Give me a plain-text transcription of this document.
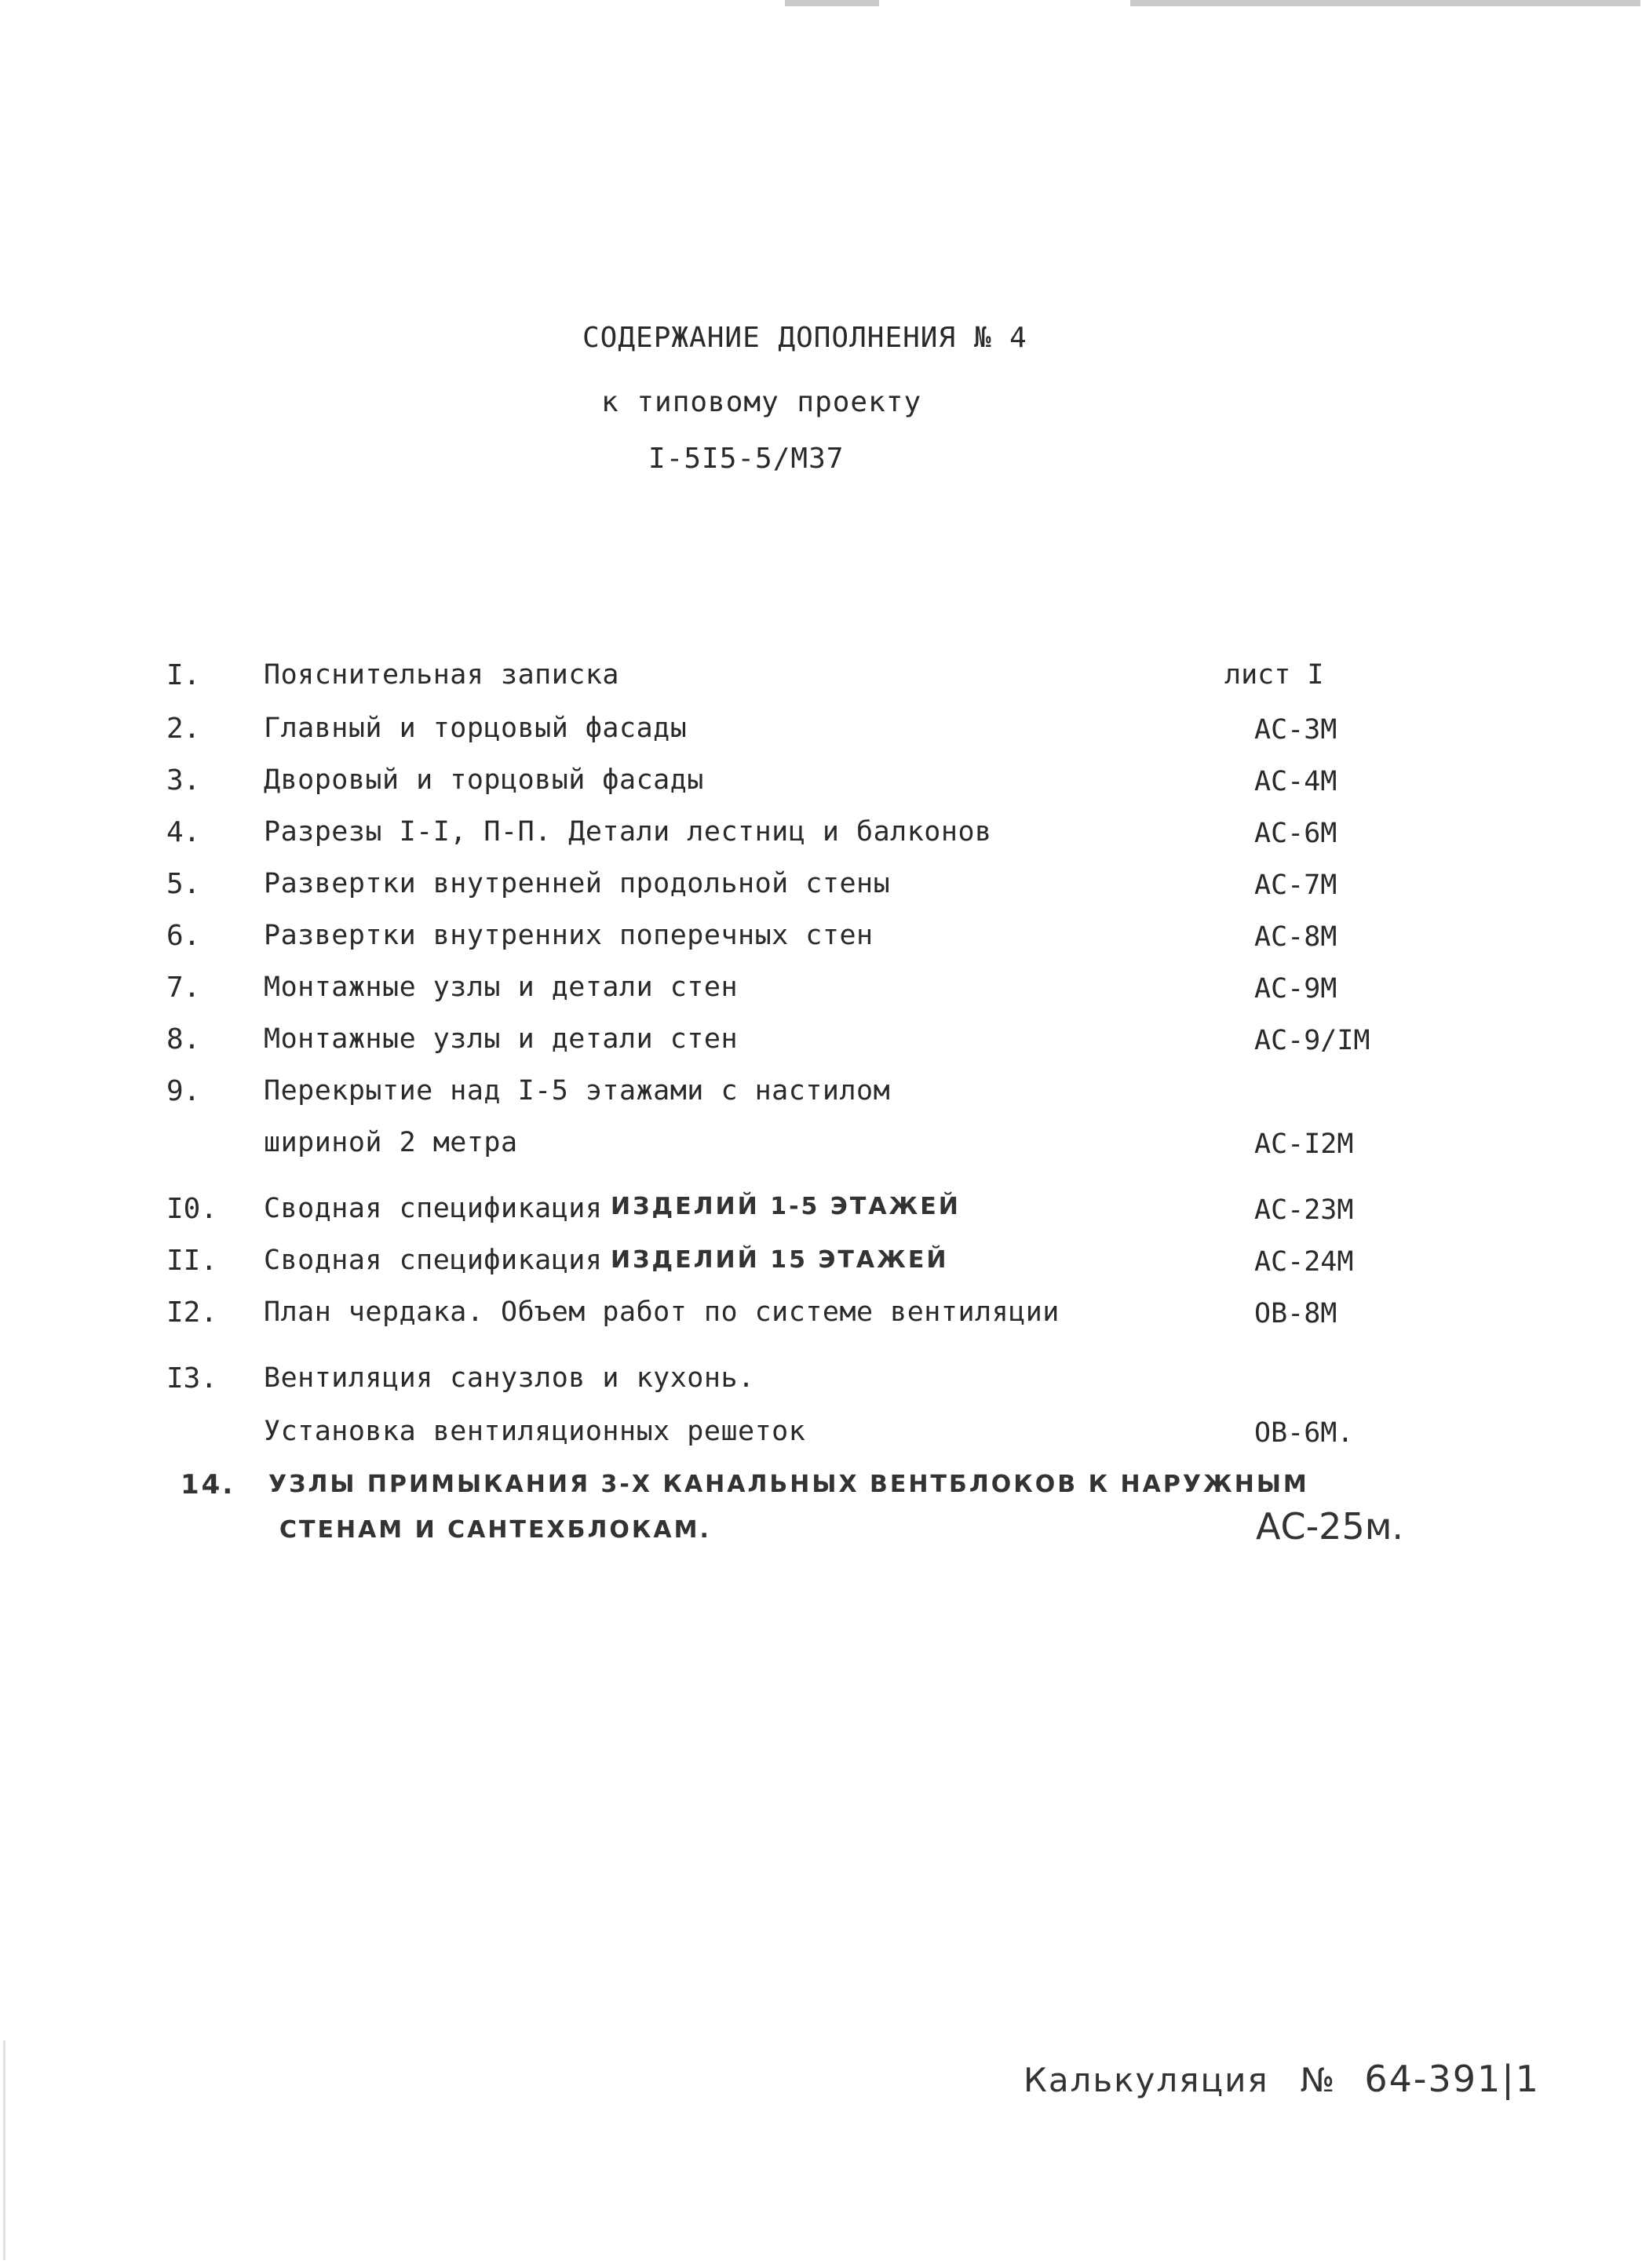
СОДЕРЖАНИЕ ДОПОЛНЕНИЯ № 4
к типовому проекту
I-5I5-5/М37
I. Пояснительная записка	лист I
2. Главный и торцовый фасады	АС-3М
3. Дворовый и торцовый фасады	АС-4М
4. Разрезы I-I, П-П. Детали лестниц и балконов	АС-6М
5. Развертки внутренней продольной стены	АС-7М
6. Развертки внутренних поперечных стен	АС-8М
7. Монтажные узлы и детали стен	АС-9М
8. Монтажные узлы и детали стен	АС-9/IМ
9. Перекрытие над I-5 этажами с настилом
шириной 2 метра	АС-I2М
I0. Сводная спецификация ИЗДЕЛИЙ 1-5 ЭТАЖЕЙ	АС-23М
II. Сводная спецификация ИЗДЕЛИЙ 15 ЭТАЖЕЙ	АС-24М
I2. План чердака. Объем работ по системе вентиляции	ОВ-8М
I3. Вентиляция санузлов и кухонь.
Установка вентиляционных решеток	ОВ-6М.
14. УЗЛЫ ПРИМЫКАНИЯ 3-Х КАНАЛЬНЫХ ВЕНТБЛОКОВ К НАРУЖНЫМ
СТЕНАМ И САНТЕХБЛОКАМ.	АС-25м.
Калькуляция № 64-391|1
